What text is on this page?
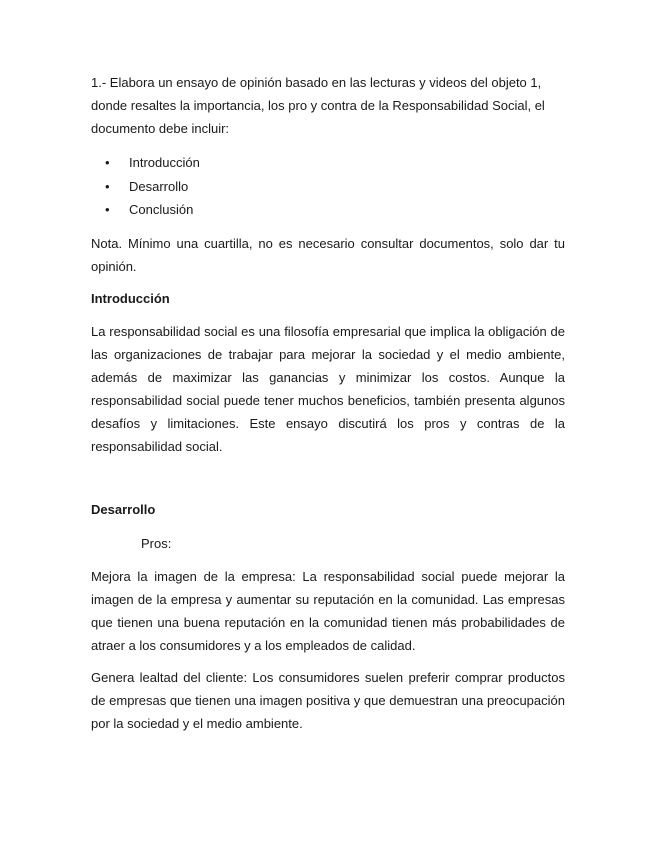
1.- Elabora un ensayo de opinión basado en las lecturas y videos del objeto 1, donde resaltes la importancia, los pro y contra de la Responsabilidad Social, el documento debe incluir:

• Introducción
• Desarrollo
• Conclusión

Nota. Mínimo una cuartilla, no es necesario consultar documentos, solo dar tu opinión.

Introducción

La responsabilidad social es una filosofía empresarial que implica la obligación de las organizaciones de trabajar para mejorar la sociedad y el medio ambiente, además de maximizar las ganancias y minimizar los costos. Aunque la responsabilidad social puede tener muchos beneficios, también presenta algunos desafíos y limitaciones. Este ensayo discutirá los pros y contras de la responsabilidad social.

Desarrollo

Pros:

Mejora la imagen de la empresa: La responsabilidad social puede mejorar la imagen de la empresa y aumentar su reputación en la comunidad. Las empresas que tienen una buena reputación en la comunidad tienen más probabilidades de atraer a los consumidores y a los empleados de calidad.

Genera lealtad del cliente: Los consumidores suelen preferir comprar productos de empresas que tienen una imagen positiva y que demuestran una preocupación por la sociedad y el medio ambiente.
